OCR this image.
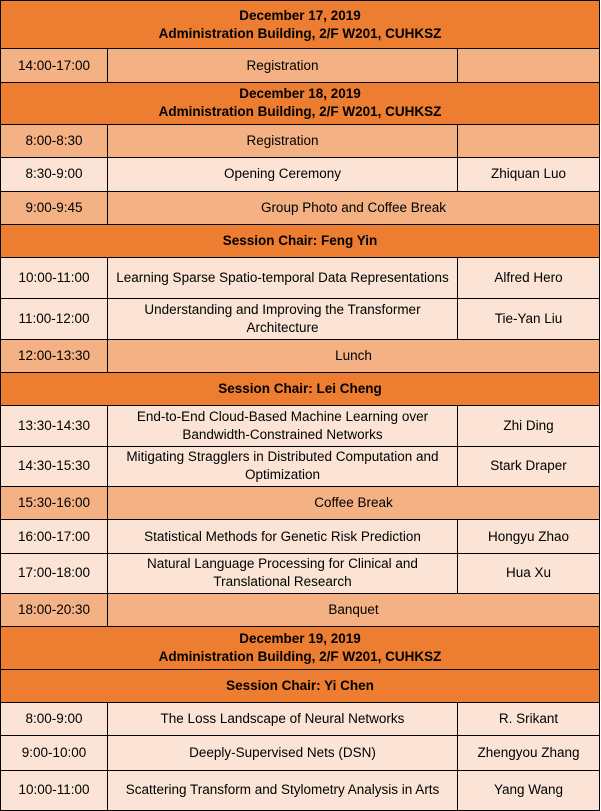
December 17, 2019
Administration Building, 2/F W201, CUHKSZ		

14:00-17:00	Registration	

December 18, 2019
Administration Building, 2/F W201, CUHKSZ		

8:00-8:30	Registration	
8:30-9:00	Opening Ceremony	Zhiquan Luo
9:00-9:45	Group Photo and Coffee Break	
Session Chair: Feng Yin		
10:00-11:00	Learning Sparse Spatio-temporal Data Representations	Alfred Hero
11:00-12:00	Understanding and Improving the Transformer Architecture	Tie-Yan Liu
12:00-13:30	Lunch	
Session Chair: Lei Cheng		
13:30-14:30	End-to-End Cloud-Based Machine Learning over Bandwidth-Constrained Networks	Zhi Ding
14:30-15:30	Mitigating Stragglers in Distributed Computation and Optimization	Stark Draper
15:30-16:00	Coffee Break	
16:00-17:00	Statistical Methods for Genetic Risk Prediction	Hongyu Zhao
17:00-18:00	Natural Language Processing for Clinical and Translational Research	Hua Xu
18:00-20:30	Banquet	

December 19, 2019
Administration Building, 2/F W201, CUHKSZ		

Session Chair: Yi Chen		
8:00-9:00	The Loss Landscape of Neural Networks	R. Srikant
9:00-10:00	Deeply-Supervised Nets (DSN)	Zhengyou Zhang
10:00-11:00	Scattering Transform and Stylometry Analysis in Arts	Yang Wang
